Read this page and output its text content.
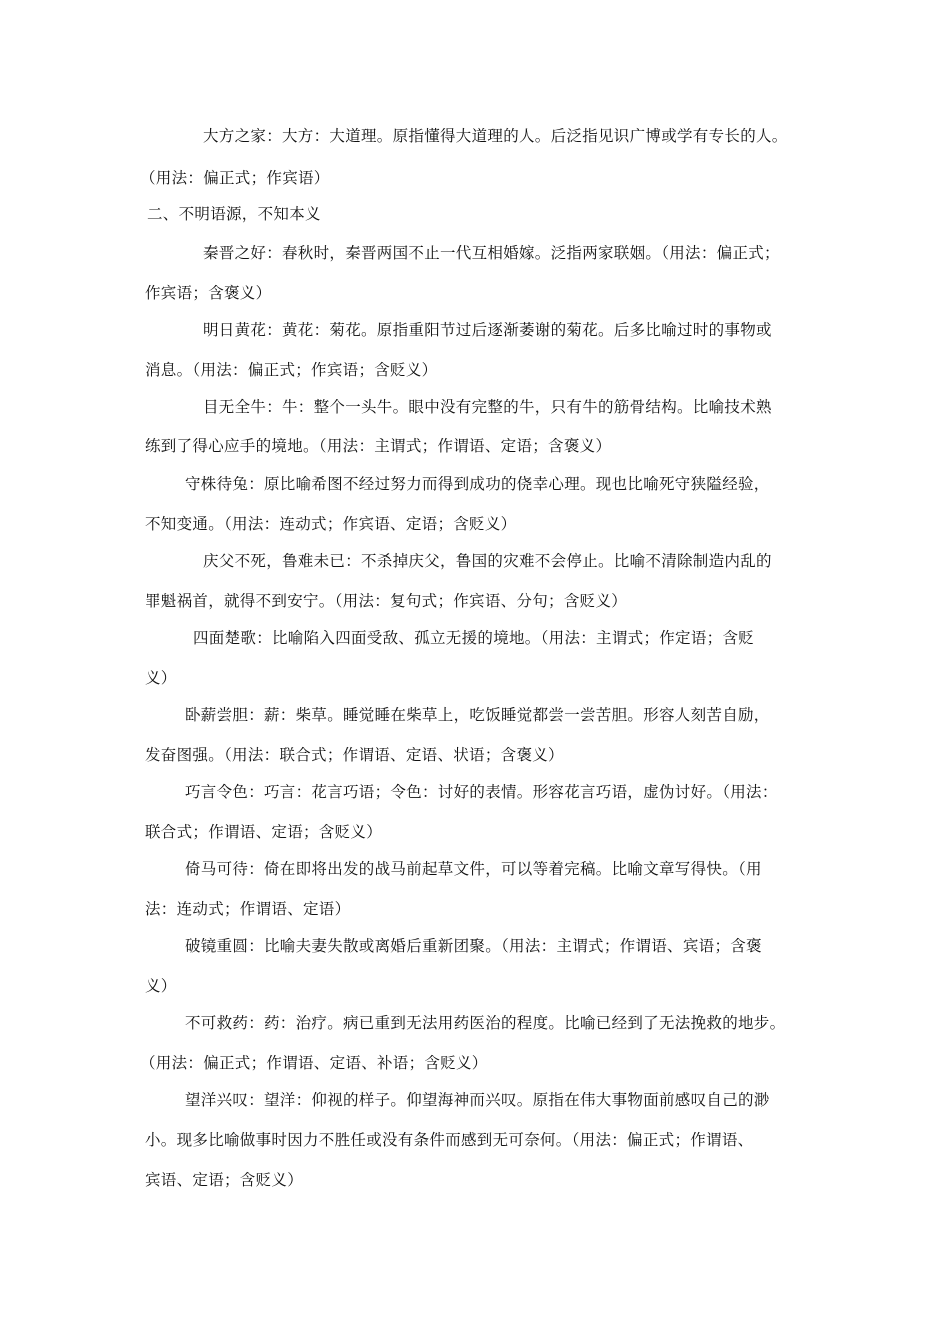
大方之家：大方：大道理。原指懂得大道理的人。后泛指见识广博或学有专长的人。
（用法：偏正式；作宾语）
二、不明语源，不知本义
秦晋之好：春秋时，秦晋两国不止一代互相婚嫁。泛指两家联姻。（用法：偏正式；
作宾语；含褒义）
明日黄花：黄花：菊花。原指重阳节过后逐渐萎谢的菊花。后多比喻过时的事物或
消息。（用法：偏正式；作宾语；含贬义）
目无全牛：牛：整个一头牛。眼中没有完整的牛，只有牛的筋骨结构。比喻技术熟
练到了得心应手的境地。（用法：主谓式；作谓语、定语；含褒义）
守株待兔：原比喻希图不经过努力而得到成功的侥幸心理。现也比喻死守狭隘经验，
不知变通。（用法：连动式；作宾语、定语；含贬义）
庆父不死，鲁难未已：不杀掉庆父，鲁国的灾难不会停止。比喻不清除制造内乱的
罪魁祸首，就得不到安宁。（用法：复句式；作宾语、分句；含贬义）
四面楚歌：比喻陷入四面受敌、孤立无援的境地。（用法：主谓式；作定语；含贬
义）
卧薪尝胆：薪：柴草。睡觉睡在柴草上，吃饭睡觉都尝一尝苦胆。形容人刻苦自励，
发奋图强。（用法：联合式；作谓语、定语、状语；含褒义）
巧言令色：巧言：花言巧语；令色：讨好的表情。形容花言巧语，虚伪讨好。（用法：
联合式；作谓语、定语；含贬义）
倚马可待：倚在即将出发的战马前起草文件，可以等着完稿。比喻文章写得快。（用
法：连动式；作谓语、定语）
破镜重圆：比喻夫妻失散或离婚后重新团聚。（用法：主谓式；作谓语、宾语；含褒
义）
不可救药：药：治疗。病已重到无法用药医治的程度。比喻已经到了无法挽救的地步。
（用法：偏正式；作谓语、定语、补语；含贬义）
望洋兴叹：望洋：仰视的样子。仰望海神而兴叹。原指在伟大事物面前感叹自己的渺
小。现多比喻做事时因力不胜任或没有条件而感到无可奈何。（用法：偏正式；作谓语、
宾语、定语；含贬义）
